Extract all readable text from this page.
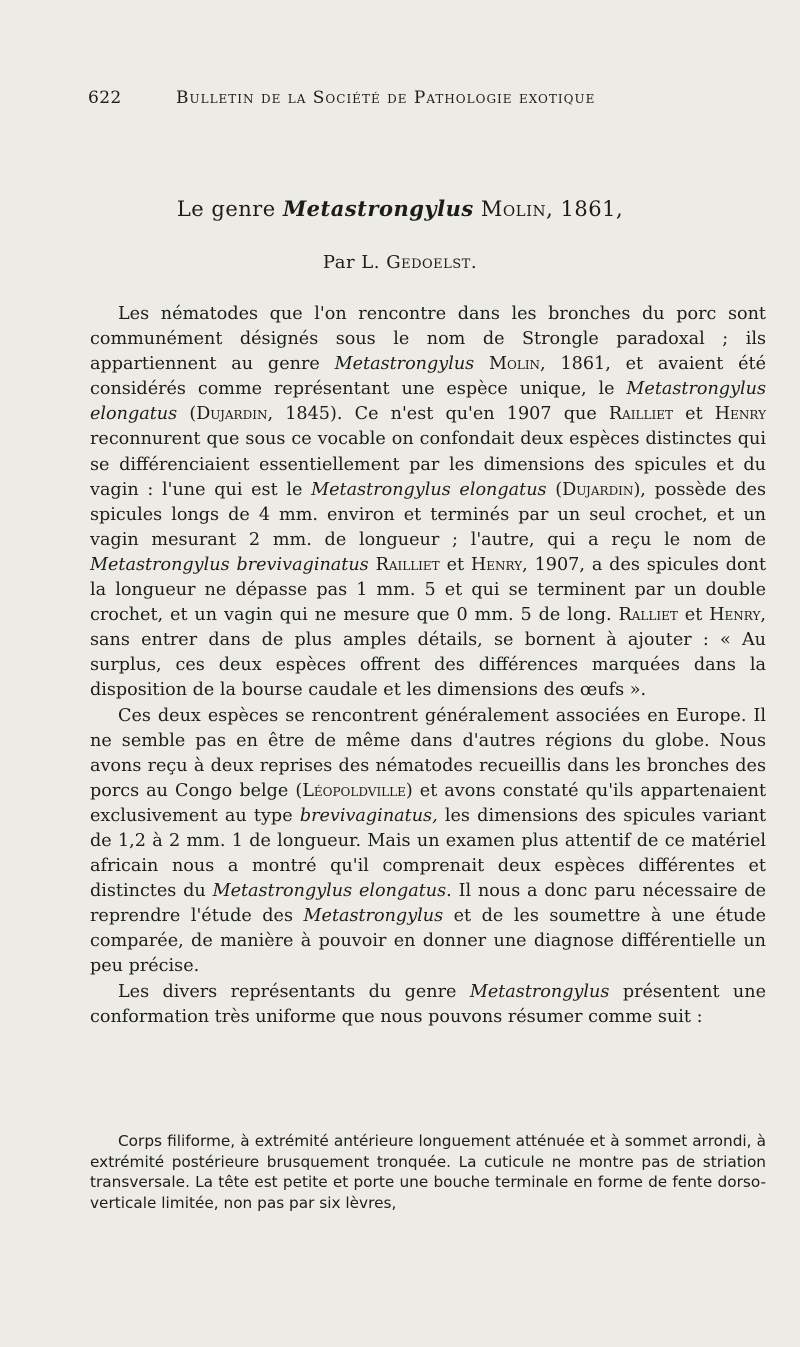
622	Bulletin de la Société de Pathologie exotique
Le genre Metastrongylus Molin, 1861,
Par L. Gedoelst.

Les nématodes que l'on rencontre dans les bronches du porc sont communément désignés sous le nom de Strongle paradoxal ; ils appartiennent au genre Metastrongylus Molin, 1861, et avaient été considérés comme représentant une espèce unique, le Metastrongylus elongatus (Dujardin, 1845). Ce n'est qu'en 1907 que Railliet et Henry reconnurent que sous ce vocable on confondait deux espèces distinctes qui se différenciaient essentiellement par les dimensions des spicules et du vagin : l'une qui est le Metastrongylus elongatus (Dujardin), possède des spicules longs de 4 mm. environ et terminés par un seul crochet, et un vagin mesurant 2 mm. de longueur ; l'autre, qui a reçu le nom de Metastrongylus brevivaginatus Railliet et Henry, 1907, a des spicules dont la longueur ne dépasse pas 1 mm. 5 et qui se terminent par un double crochet, et un vagin qui ne mesure que 0 mm. 5 de long. Ralliet et Henry, sans entrer dans de plus amples détails, se bornent à ajouter : « Au surplus, ces deux espèces offrent des différences marquées dans la disposition de la bourse caudale et les dimensions des œufs ».

Ces deux espèces se rencontrent généralement associées en Europe. Il ne semble pas en être de même dans d'autres régions du globe. Nous avons reçu à deux reprises des nématodes recueillis dans les bronches des porcs au Congo belge (Léopoldville) et avons constaté qu'ils appartenaient exclusivement au type brevivaginatus, les dimensions des spicules variant de 1,2 à 2 mm. 1 de longueur. Mais un examen plus attentif de ce matériel africain nous a montré qu'il comprenait deux espèces différentes et distinctes du Metastrongylus elongatus. Il nous a donc paru nécessaire de reprendre l'étude des Metastrongylus et de les soumettre à une étude comparée, de manière à pouvoir en donner une diagnose différentielle un peu précise.

Les divers représentants du genre Metastrongylus présentent une conformation très uniforme que nous pouvons résumer comme suit :

Corps filiforme, à extrémité antérieure longuement atténuée et à sommet arrondi, à extrémité postérieure brusquement tronquée. La cuticule ne montre pas de striation transversale. La tête est petite et porte une bouche terminale en forme de fente dorso-verticale limitée, non pas par six lèvres,
